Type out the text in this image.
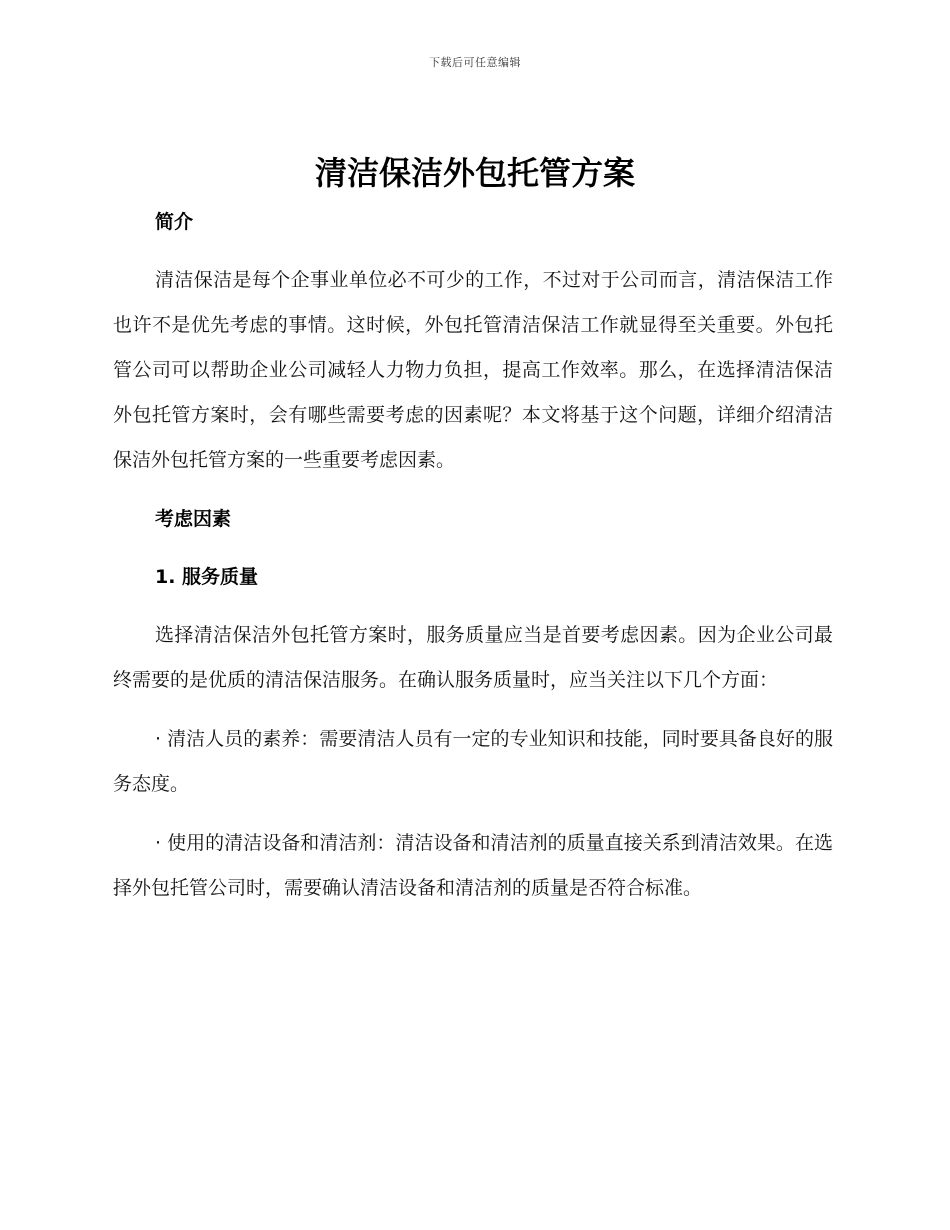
下载后可任意编辑
清洁保洁外包托管方案
简介

清洁保洁是每个企事业单位必不可少的工作，不过对于公司而言，清洁保洁工作也许不是优先考虑的事情。这时候，外包托管清洁保洁工作就显得至关重要。外包托管公司可以帮助企业公司减轻人力物力负担，提高工作效率。那么，在选择清洁保洁外包托管方案时，会有哪些需要考虑的因素呢？本文将基于这个问题，详细介绍清洁保洁外包托管方案的一些重要考虑因素。

考虑因素
1. 服务质量

选择清洁保洁外包托管方案时，服务质量应当是首要考虑因素。因为企业公司最终需要的是优质的清洁保洁服务。在确认服务质量时，应当关注以下几个方面：

· 清洁人员的素养：需要清洁人员有一定的专业知识和技能，同时要具备良好的服务态度。

· 使用的清洁设备和清洁剂：清洁设备和清洁剂的质量直接关系到清洁效果。在选择外包托管公司时，需要确认清洁设备和清洁剂的质量是否符合标准。
